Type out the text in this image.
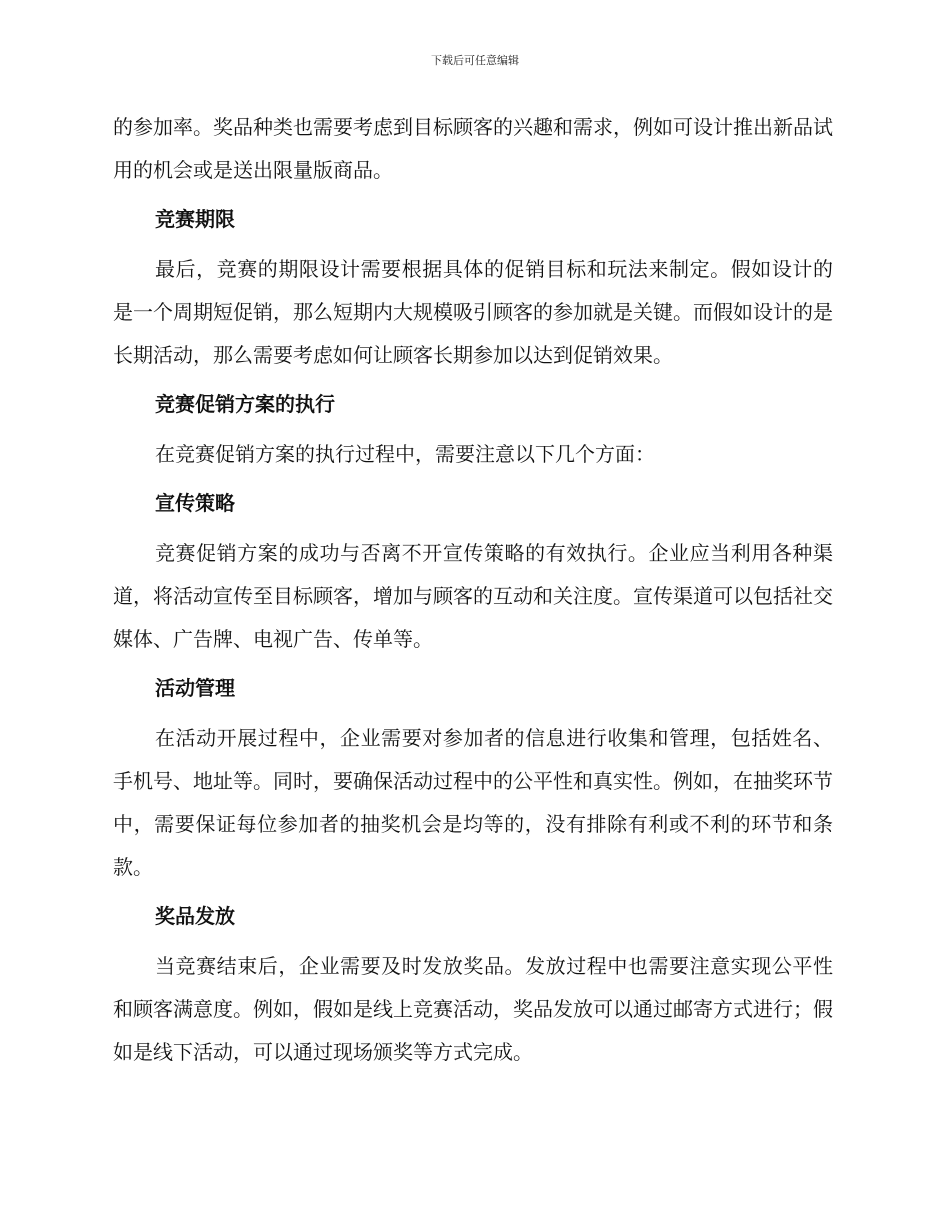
下载后可任意编辑

的参加率。奖品种类也需要考虑到目标顾客的兴趣和需求，例如可设计推出新品试用的机会或是送出限量版商品。

竞赛期限

最后，竞赛的期限设计需要根据具体的促销目标和玩法来制定。假如设计的是一个周期短促销，那么短期内大规模吸引顾客的参加就是关键。而假如设计的是长期活动，那么需要考虑如何让顾客长期参加以达到促销效果。

竞赛促销方案的执行

在竞赛促销方案的执行过程中，需要注意以下几个方面：

宣传策略

竞赛促销方案的成功与否离不开宣传策略的有效执行。企业应当利用各种渠道，将活动宣传至目标顾客，增加与顾客的互动和关注度。宣传渠道可以包括社交媒体、广告牌、电视广告、传单等。

活动管理

在活动开展过程中，企业需要对参加者的信息进行收集和管理，包括姓名、手机号、地址等。同时，要确保活动过程中的公平性和真实性。例如，在抽奖环节中，需要保证每位参加者的抽奖机会是均等的，没有排除有利或不利的环节和条款。

奖品发放

当竞赛结束后，企业需要及时发放奖品。发放过程中也需要注意实现公平性和顾客满意度。例如，假如是线上竞赛活动，奖品发放可以通过邮寄方式进行；假如是线下活动，可以通过现场颁奖等方式完成。
